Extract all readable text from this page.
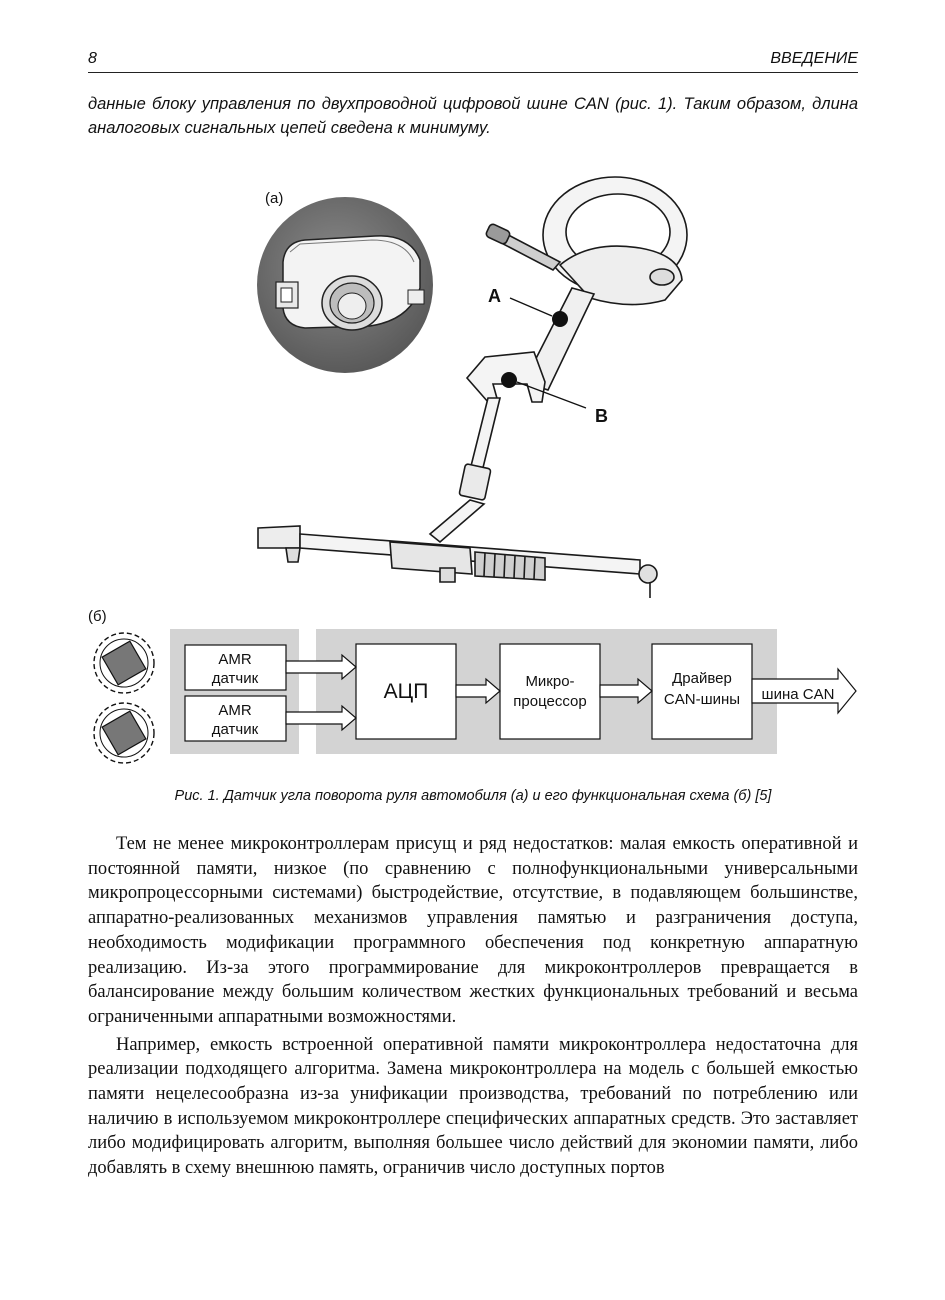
8	ВВЕДЕНИЕ
данные блоку управления по двухпроводной цифровой шине CAN (рис. 1). Таким образом, длина аналоговых сигнальных цепей сведена к минимуму.
(а)
A
B
(б)
AMR
датчик
AMR
датчик
АЦП	Микро-
процессор
Драйвер
CAN-шины шина CAN
Рис. 1. Датчик угла поворота руля автомобиля (а) и его функциональная схема (б) [5]

Тем не менее микроконтроллерам присущ и ряд недостатков: малая емкость оперативной и постоянной памяти, низкое (по сравнению с полнофункциональными универсальными микропроцессорными системами) быстродействие, отсутствие, в подавляющем большинстве, аппаратно-реализованных механизмов управления памятью и разграничения доступа, необходимость модификации программного обеспечения под конкретную аппаратную реализацию. Из-за этого программирование для микроконтроллеров превращается в балансирование между большим количеством жестких функциональных требований и весьма ограниченными аппаратными возможностями.

Например, емкость встроенной оперативной памяти микроконтроллера недостаточна для реализации подходящего алгоритма. Замена микроконтроллера на модель с большей емкостью памяти нецелесообразна из-за унификации производства, требований по потреблению или наличию в используемом микроконтроллере специфических аппаратных средств. Это заставляет либо модифицировать алгоритм, выполняя большее число действий для экономии памяти, либо добавлять в схему внешнюю память, ограничив число доступных портов
